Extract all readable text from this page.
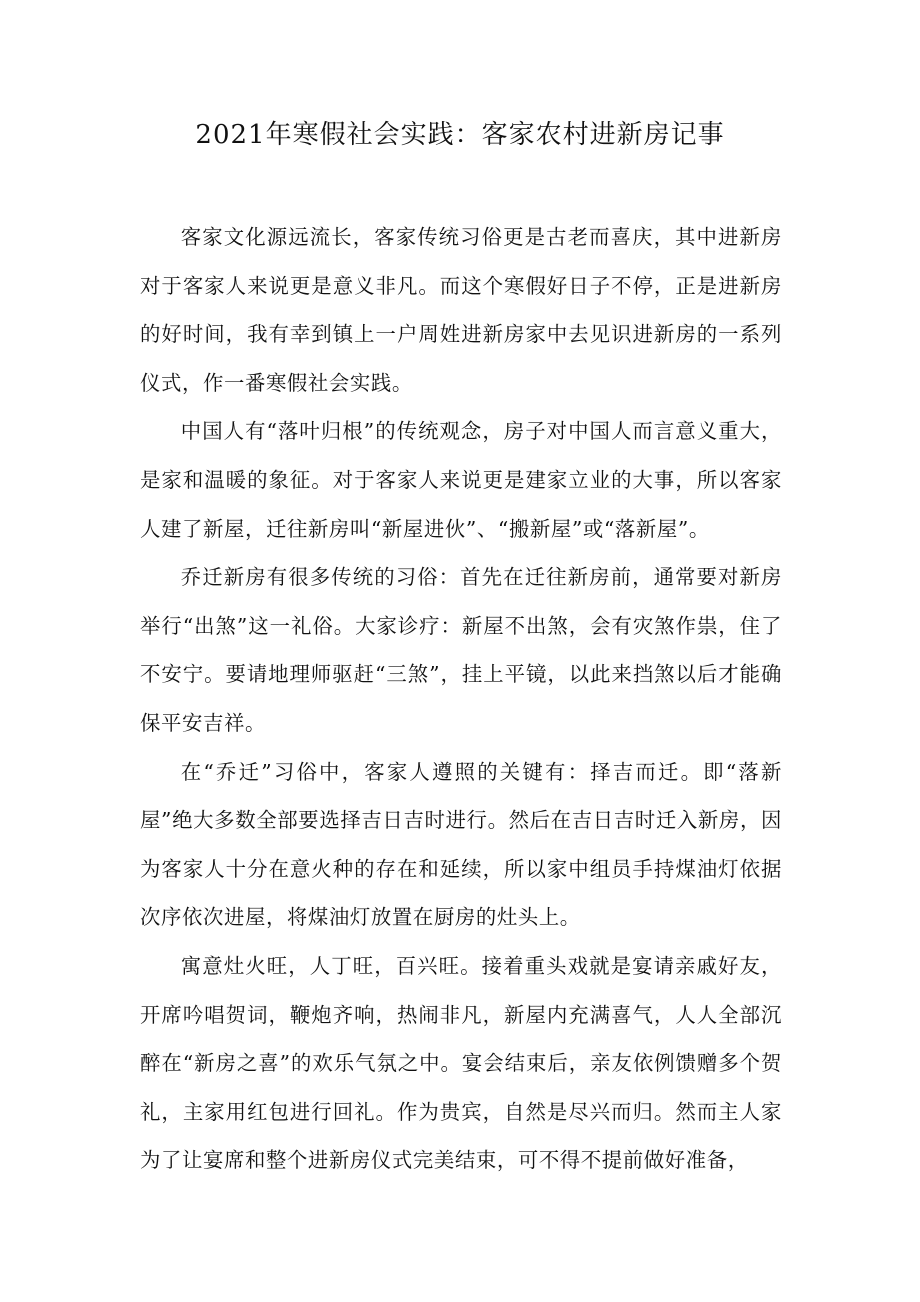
2021年寒假社会实践：客家农村进新房记事

客家文化源远流长，客家传统习俗更是古老而喜庆，其中进新房对于客家人来说更是意义非凡。而这个寒假好日子不停，正是进新房的好时间，我有幸到镇上一户周姓进新房家中去见识进新房的一系列仪式，作一番寒假社会实践。

中国人有“落叶归根”的传统观念，房子对中国人而言意义重大，是家和温暖的象征。对于客家人来说更是建家立业的大事，所以客家人建了新屋，迁往新房叫“新屋进伙”、“搬新屋”或“落新屋”。

乔迁新房有很多传统的习俗：首先在迁往新房前，通常要对新房举行“出煞”这一礼俗。大家诊疗：新屋不出煞，会有灾煞作祟，住了不安宁。要请地理师驱赶“三煞”，挂上平镜，以此来挡煞以后才能确保平安吉祥。

在“乔迁”习俗中，客家人遵照的关键有：择吉而迁。即“落新屋”绝大多数全部要选择吉日吉时进行。然后在吉日吉时迁入新房，因为客家人十分在意火种的存在和延续，所以家中组员手持煤油灯依据次序依次进屋，将煤油灯放置在厨房的灶头上。

寓意灶火旺，人丁旺，百兴旺。接着重头戏就是宴请亲戚好友，开席吟唱贺词，鞭炮齐响，热闹非凡，新屋内充满喜气，人人全部沉醉在“新房之喜”的欢乐气氛之中。宴会结束后，亲友依例馈赠多个贺礼，主家用红包进行回礼。作为贵宾，自然是尽兴而归。然而主人家为了让宴席和整个进新房仪式完美结束，可不得不提前做好准备，
